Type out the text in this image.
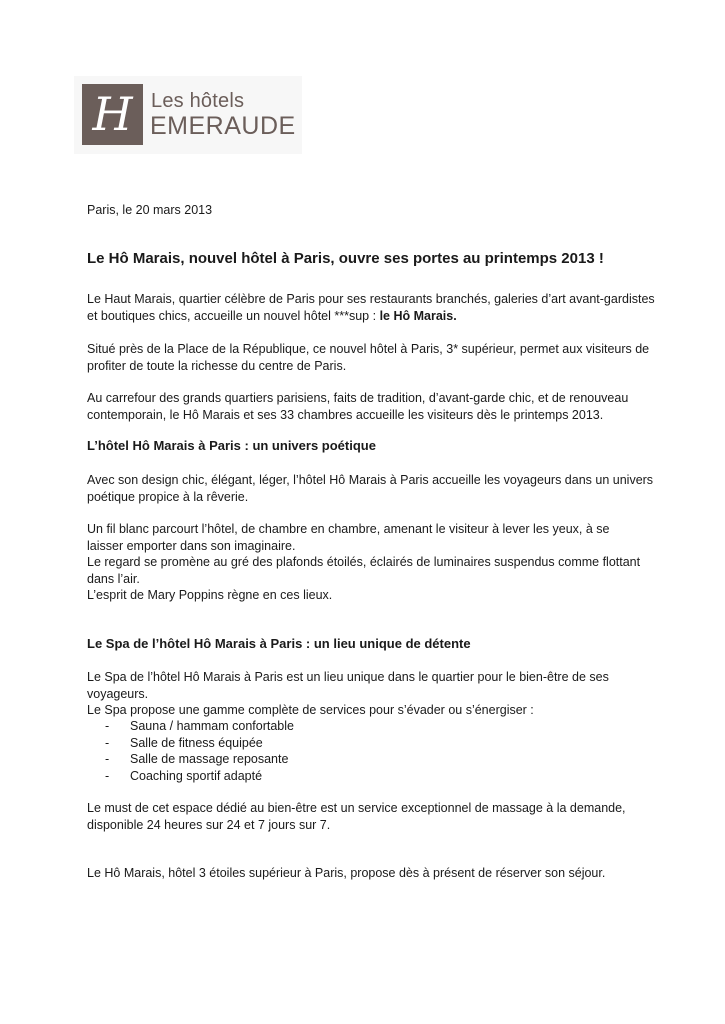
H Les hôtels
EMERAUDE
Paris, le 20 mars 2013
Le Hô Marais, nouvel hôtel à Paris, ouvre ses portes au printemps 2013 !
Le Haut Marais, quartier célèbre de Paris pour ses restaurants branchés, galeries d’art avant-gardistes
et boutiques chics, accueille un nouvel hôtel ***sup : le Hô Marais.
Situé près de la Place de la République, ce nouvel hôtel à Paris, 3* supérieur, permet aux visiteurs de
profiter de toute la richesse du centre de Paris.
Au carrefour des grands quartiers parisiens, faits de tradition, d’avant-garde chic, et de renouveau
contemporain, le Hô Marais et ses 33 chambres accueille les visiteurs dès le printemps 2013.
L’hôtel Hô Marais à Paris : un univers poétique
Avec son design chic, élégant, léger, l’hôtel Hô Marais à Paris accueille les voyageurs dans un univers
poétique propice à la rêverie.
Un fil blanc parcourt l’hôtel, de chambre en chambre, amenant le visiteur à lever les yeux, à se
laisser emporter dans son imaginaire.
Le regard se promène au gré des plafonds étoilés, éclairés de luminaires suspendus comme flottant
dans l’air.
L’esprit de Mary Poppins règne en ces lieux.
Le Spa de l’hôtel Hô Marais à Paris : un lieu unique de détente
Le Spa de l’hôtel Hô Marais à Paris est un lieu unique dans le quartier pour le bien-être de ses
voyageurs.
Le Spa propose une gamme complète de services pour s’évader ou s’énergiser :
-	Sauna / hammam confortable
-	Salle de fitness équipée
-	Salle de massage reposante
-	Coaching sportif adapté
Le must de cet espace dédié au bien-être est un service exceptionnel de massage à la demande,
disponible 24 heures sur 24 et 7 jours sur 7.
Le Hô Marais, hôtel 3 étoiles supérieur à Paris, propose dès à présent de réserver son séjour.
